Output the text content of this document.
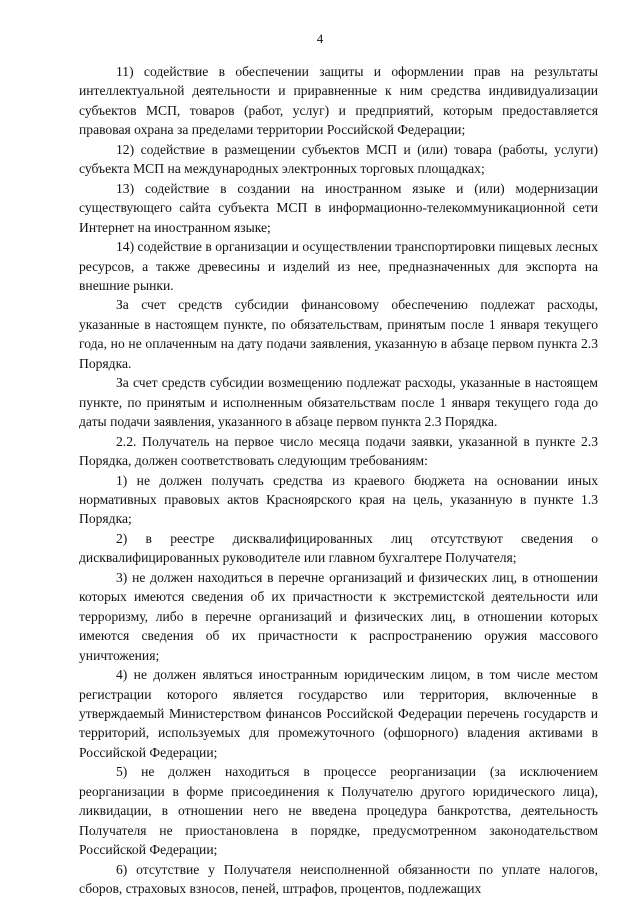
4

11) содействие в обеспечении защиты и оформлении прав на результаты интеллектуальной деятельности и приравненные к ним средства индивидуализации субъектов МСП, товаров (работ, услуг) и предприятий, которым предоставляется правовая охрана за пределами территории Российской Федерации;

12) содействие в размещении субъектов МСП и (или) товара (работы, услуги) субъекта МСП на международных электронных торговых площадках;

13) содействие в создании на иностранном языке и (или) модернизации существующего сайта субъекта МСП в информационно-телекоммуникационной сети Интернет на иностранном языке;

14) содействие в организации и осуществлении транспортировки пищевых лесных ресурсов, а также древесины и изделий из нее, предназначенных для экспорта на внешние рынки.

За счет средств субсидии финансовому обеспечению подлежат расходы, указанные в настоящем пункте, по обязательствам, принятым после 1 января текущего года, но не оплаченным на дату подачи заявления, указанную в абзаце первом пункта 2.3 Порядка.

За счет средств субсидии возмещению подлежат расходы, указанные в настоящем пункте, по принятым и исполненным обязательствам после 1 января текущего года до даты подачи заявления, указанного в абзаце первом пункта 2.3 Порядка.

2.2. Получатель на первое число месяца подачи заявки, указанной в пункте 2.3 Порядка, должен соответствовать следующим требованиям:

1) не должен получать средства из краевого бюджета на основании иных нормативных правовых актов Красноярского края на цель, указанную в пункте 1.3 Порядка;

2) в реестре дисквалифицированных лиц отсутствуют сведения о дисквалифицированных руководителе или главном бухгалтере Получателя;

3) не должен находиться в перечне организаций и физических лиц, в отношении которых имеются сведения об их причастности к экстремистской деятельности или терроризму, либо в перечне организаций и физических лиц, в отношении которых имеются сведения об их причастности к распространению оружия массового уничтожения;

4) не должен являться иностранным юридическим лицом, в том числе местом регистрации которого является государство или территория, включенные в утверждаемый Министерством финансов Российской Федерации перечень государств и территорий, используемых для промежуточного (офшорного) владения активами в Российской Федерации;

5) не должен находиться в процессе реорганизации (за исключением реорганизации в форме присоединения к Получателю другого юридического лица), ликвидации, в отношении него не введена процедура банкротства, деятельность Получателя не приостановлена в порядке, предусмотренном законодательством Российской Федерации;

6) отсутствие у Получателя неисполненной обязанности по уплате налогов, сборов, страховых взносов, пеней, штрафов, процентов, подлежащих
